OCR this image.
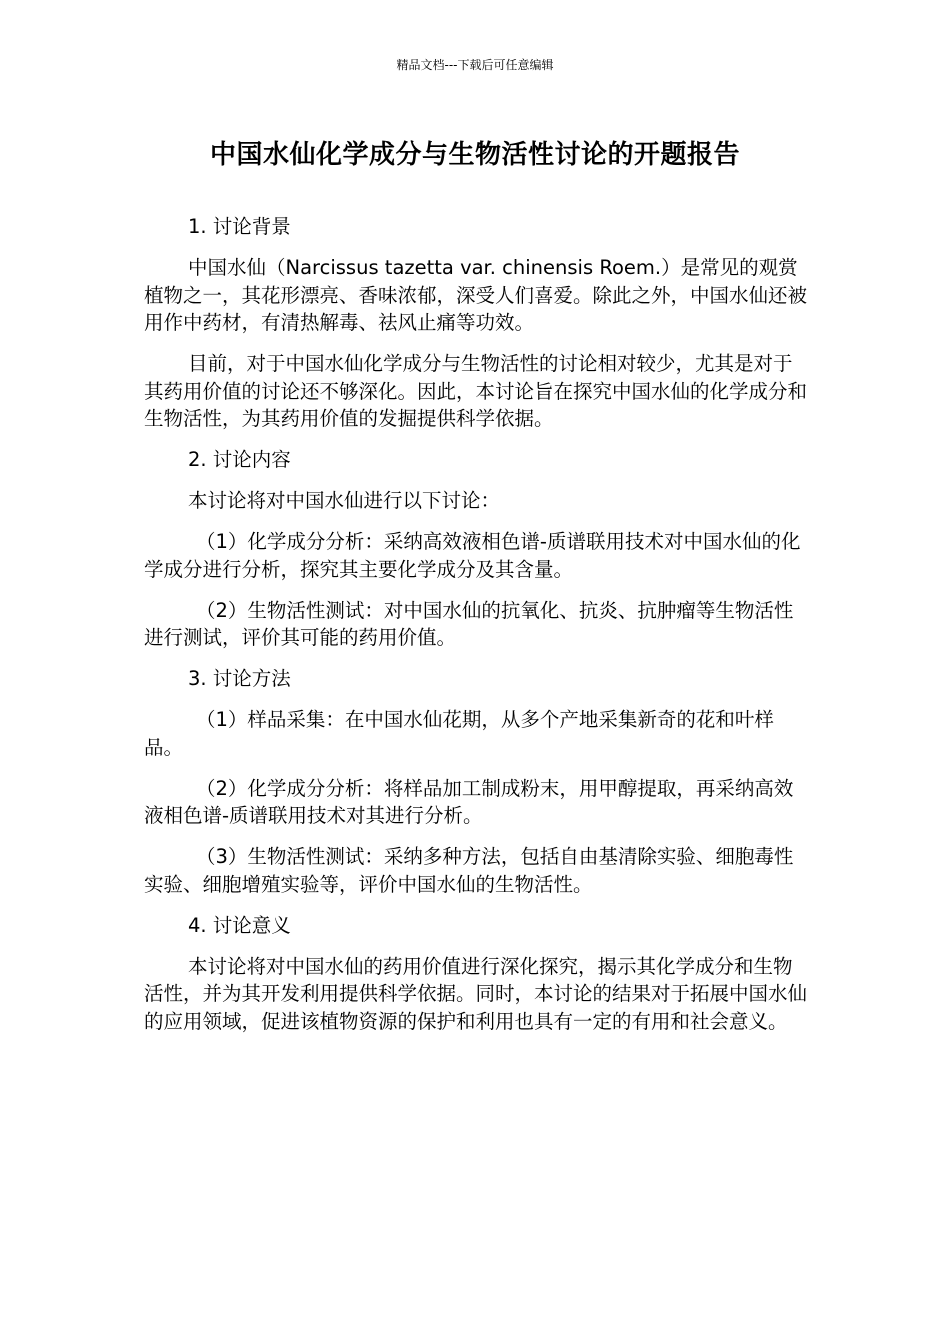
精品文档---下载后可任意编辑
中国水仙化学成分与生物活性讨论的开题报告

1. 讨论背景

中国水仙（Narcissus tazetta var. chinensis Roem.）是常见的观赏植物之一，其花形漂亮、香味浓郁，深受人们喜爱。除此之外，中国水仙还被用作中药材，有清热解毒、祛风止痛等功效。

目前，对于中国水仙化学成分与生物活性的讨论相对较少，尤其是对于其药用价值的讨论还不够深化。因此，本讨论旨在探究中国水仙的化学成分和生物活性，为其药用价值的发掘提供科学依据。

2. 讨论内容

本讨论将对中国水仙进行以下讨论：

（1）化学成分分析：采纳高效液相色谱-质谱联用技术对中国水仙的化学成分进行分析，探究其主要化学成分及其含量。

（2）生物活性测试：对中国水仙的抗氧化、抗炎、抗肿瘤等生物活性进行测试，评价其可能的药用价值。

3. 讨论方法

（1）样品采集：在中国水仙花期，从多个产地采集新奇的花和叶样品。

（2）化学成分分析：将样品加工制成粉末，用甲醇提取，再采纳高效液相色谱-质谱联用技术对其进行分析。

（3）生物活性测试：采纳多种方法，包括自由基清除实验、细胞毒性实验、细胞增殖实验等，评价中国水仙的生物活性。

4. 讨论意义

本讨论将对中国水仙的药用价值进行深化探究，揭示其化学成分和生物活性，并为其开发利用提供科学依据。同时，本讨论的结果对于拓展中国水仙的应用领域，促进该植物资源的保护和利用也具有一定的有用和社会意义。
